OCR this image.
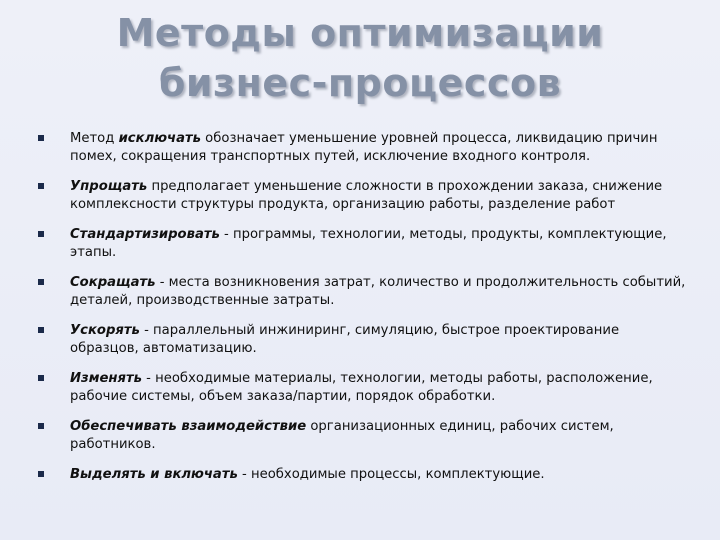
Методы оптимизации
бизнес-процессов
Метод исключать обозначает уменьшение уровней процесса, ликвидацию причин помех, сокращения транспортных путей, исключение входного контроля.
Упрощать предполагает уменьшение сложности в прохождении заказа, снижение комплексности структуры продукта, организацию работы, разделение работ
Стандартизировать - программы, технологии, методы, продукты, комплектующие, этапы.
Сокращать - места возникновения затрат, количество и продолжительность событий, деталей, производственные затраты.
Ускорять - параллельный инжиниринг, симуляцию, быстрое проектирование образцов, автоматизацию.
Изменять - необходимые материалы, технологии, методы работы, расположение, рабочие системы, объем заказа/партии, порядок обработки.
Обеспечивать взаимодействие организационных единиц, рабочих систем, работников.
Выделять и включать - необходимые процессы, комплектующие.
